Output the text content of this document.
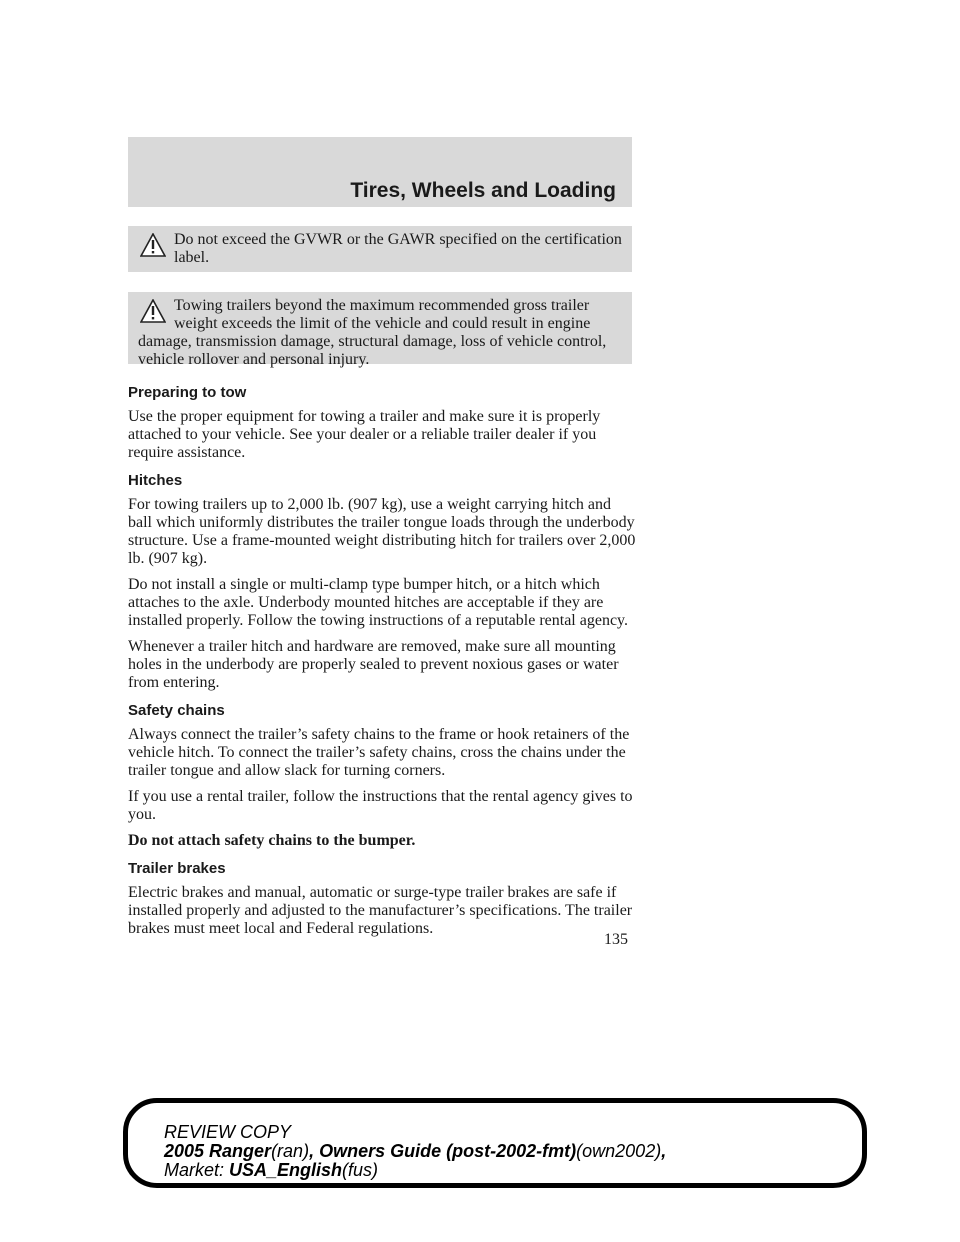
Tires, Wheels and Loading

Do not exceed the GVWR or the GAWR specified on the certification label.

Towing trailers beyond the maximum recommended gross trailer weight exceeds the limit of the vehicle and could result in engine damage, transmission damage, structural damage, loss of vehicle control, vehicle rollover and personal injury.

Preparing to tow

Use the proper equipment for towing a trailer and make sure it is properly attached to your vehicle. See your dealer or a reliable trailer dealer if you require assistance.

Hitches

For towing trailers up to 2,000 lb. (907 kg), use a weight carrying hitch and ball which uniformly distributes the trailer tongue loads through the underbody structure. Use a frame-mounted weight distributing hitch for trailers over 2,000 lb. (907 kg).

Do not install a single or multi-clamp type bumper hitch, or a hitch which attaches to the axle. Underbody mounted hitches are acceptable if they are installed properly. Follow the towing instructions of a reputable rental agency.

Whenever a trailer hitch and hardware are removed, make sure all mounting holes in the underbody are properly sealed to prevent noxious gases or water from entering.

Safety chains

Always connect the trailer’s safety chains to the frame or hook retainers of the vehicle hitch. To connect the trailer’s safety chains, cross the chains under the trailer tongue and allow slack for turning corners.

If you use a rental trailer, follow the instructions that the rental agency gives to you.

Do not attach safety chains to the bumper.

Trailer brakes

Electric brakes and manual, automatic or surge-type trailer brakes are safe if installed properly and adjusted to the manufacturer’s specifications. The trailer brakes must meet local and Federal regulations.

135
REVIEW COPY
2005 Ranger(ran), Owners Guide (post-2002-fmt)(own2002),
Market: USA_English(fus)
